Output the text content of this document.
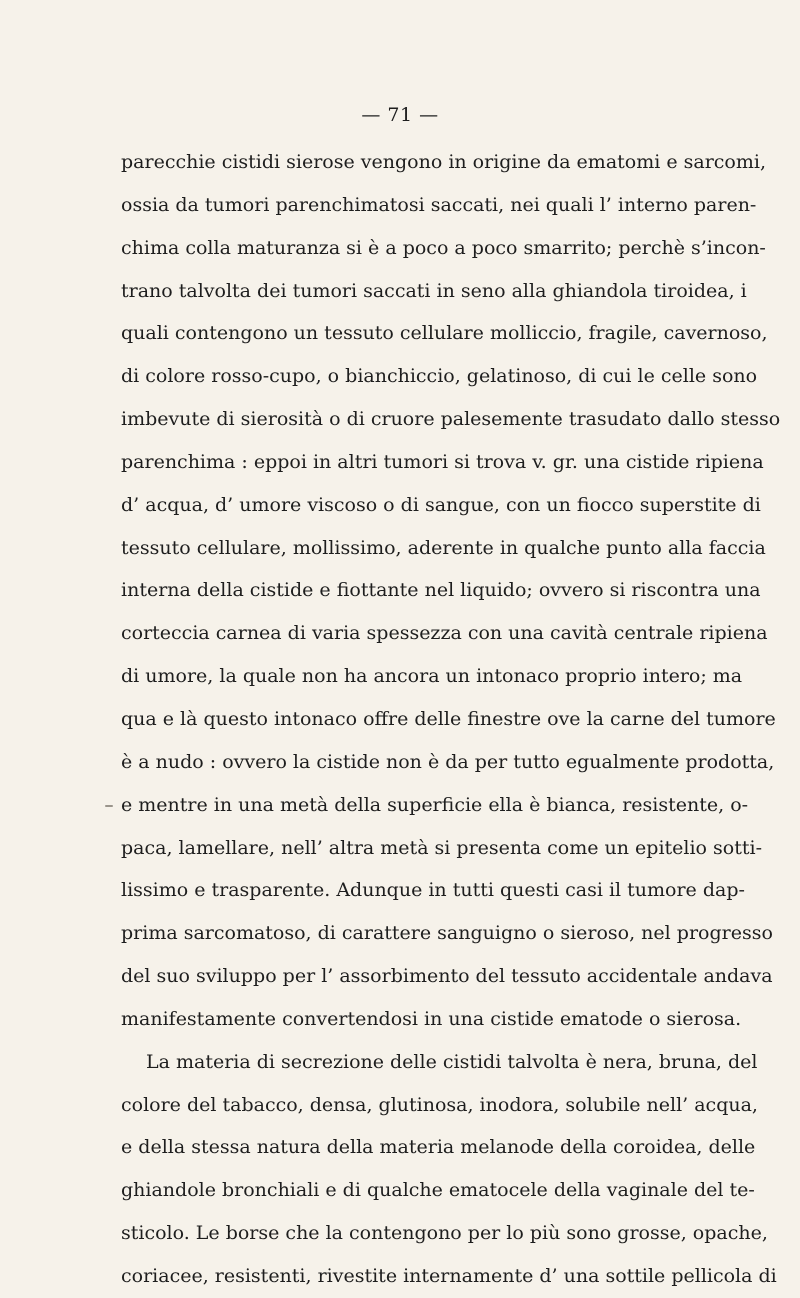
— 71 —
parecchie cistidi sierose vengono in origine da ematomi e sarcomi,
ossia da tumori parenchimatosi saccati, nei quali l’ interno paren-
chima colla maturanza si è a poco a poco smarrito; perchè s’incon-
trano talvolta dei tumori saccati in seno alla ghiandola tiroidea, i
quali contengono un tessuto cellulare molliccio, fragile, cavernoso,
di colore rosso-cupo, o bianchiccio, gelatinoso, di cui le celle sono
imbevute di sierosità o di cruore palesemente trasudato dallo stesso
parenchima : eppoi in altri tumori si trova v. gr. una cistide ripiena
d’ acqua, d’ umore viscoso o di sangue, con un fiocco superstite di
tessuto cellulare, mollissimo, aderente in qualche punto alla faccia
interna della cistide e fiottante nel liquido; ovvero si riscontra una
corteccia carnea di varia spessezza con una cavità centrale ripiena
di umore, la quale non ha ancora un intonaco proprio intero; ma
qua e là questo intonaco offre delle finestre ove la carne del tumore
è a nudo : ovvero la cistide non è da per tutto egualmente prodotta,
e mentre in una metà della superficie ella è bianca, resistente, o-
paca, lamellare, nell’ altra metà si presenta come un epitelio sotti-
lissimo e trasparente. Adunque in tutti questi casi il tumore dap-
prima sarcomatoso, di carattere sanguigno o sieroso, nel progresso
del suo sviluppo per l’ assorbimento del tessuto accidentale andava
manifestamente convertendosi in una cistide ematode o sierosa.
La materia di secrezione delle cistidi talvolta è nera, bruna, del
colore del tabacco, densa, glutinosa, inodora, solubile nell’ acqua,
e della stessa natura della materia melanode della coroidea, delle
ghiandole bronchiali e di qualche ematocele della vaginale del te-
sticolo. Le borse che la contengono per lo più sono grosse, opache,
coriacee, resistenti, rivestite internamente d’ una sottile pellicola di
